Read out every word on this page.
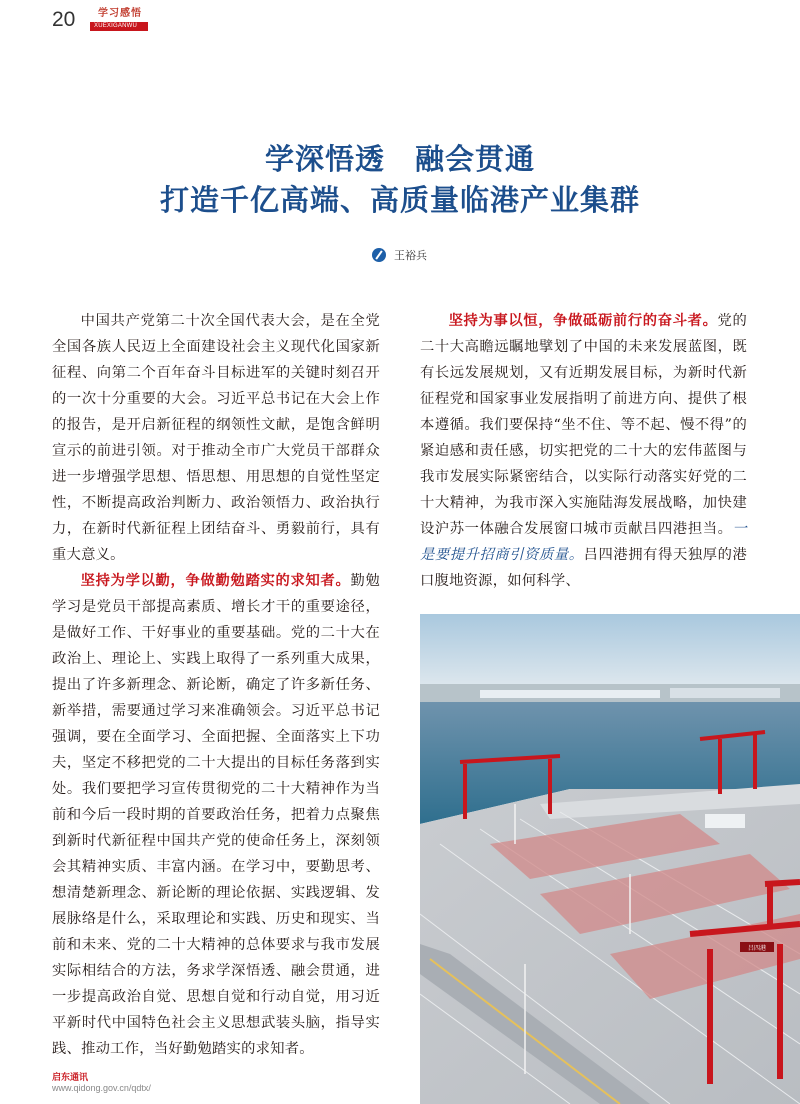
20	学习感悟
XUEXIGANWU
学深悟透 融会贯通
打造千亿高端、高质量临港产业集群
王裕兵

中国共产党第二十次全国代表大会，是在全党全国各族人民迈上全面建设社会主义现代化国家新征程、向第二个百年奋斗目标进军的关键时刻召开的一次十分重要的大会。习近平总书记在大会上作的报告，是开启新征程的纲领性文献，是饱含鲜明宣示的前进引领。对于推动全市广大党员干部群众进一步增强学思想、悟思想、用思想的自觉性坚定性，不断提高政治判断力、政治领悟力、政治执行力，在新时代新征程上团结奋斗、勇毅前行，具有重大意义。

坚持为学以勤，争做勤勉踏实的求知者。勤勉学习是党员干部提高素质、增长才干的重要途径，是做好工作、干好事业的重要基础。党的二十大在政治上、理论上、实践上取得了一系列重大成果，提出了许多新理念、新论断，确定了许多新任务、新举措，需要通过学习来准确领会。习近平总书记强调，要在全面学习、全面把握、全面落实上下功夫，坚定不移把党的二十大提出的目标任务落到实处。我们要把学习宣传贯彻党的二十大精神作为当前和今后一段时期的首要政治任务，把着力点聚焦到新时代新征程中国共产党的使命任务上，深刻领会其精神实质、丰富内涵。在学习中，要勤思考、想清楚新理念、新论断的理论依据、实践逻辑、发展脉络是什么，采取理论和实践、历史和现实、当前和未来、党的二十大精神的总体要求与我市发展实际相结合的方法，务求学深悟透、融会贯通，进一步提高政治自觉、思想自觉和行动自觉，用习近平新时代中国特色社会主义思想武装头脑，指导实践、推动工作，当好勤勉踏实的求知者。

坚持为事以恒，争做砥砺前行的奋斗者。党的二十大高瞻远瞩地擘划了中国的未来发展蓝图，既有长远发展规划，又有近期发展目标，为新时代新征程党和国家事业发展指明了前进方向、提供了根本遵循。我们要保持“坐不住、等不起、慢不得”的紧迫感和责任感，切实把党的二十大的宏伟蓝图与我市发展实际紧密结合，以实际行动落实好党的二十大精神，为我市深入实施陆海发展战略，加快建设沪苏一体融合发展窗口城市贡献吕四港担当。一是要提升招商引资质量。吕四港拥有得天独厚的港口腹地资源，如何科学、

吕四港
启东通讯
www.qidong.gov.cn/qdtx/
